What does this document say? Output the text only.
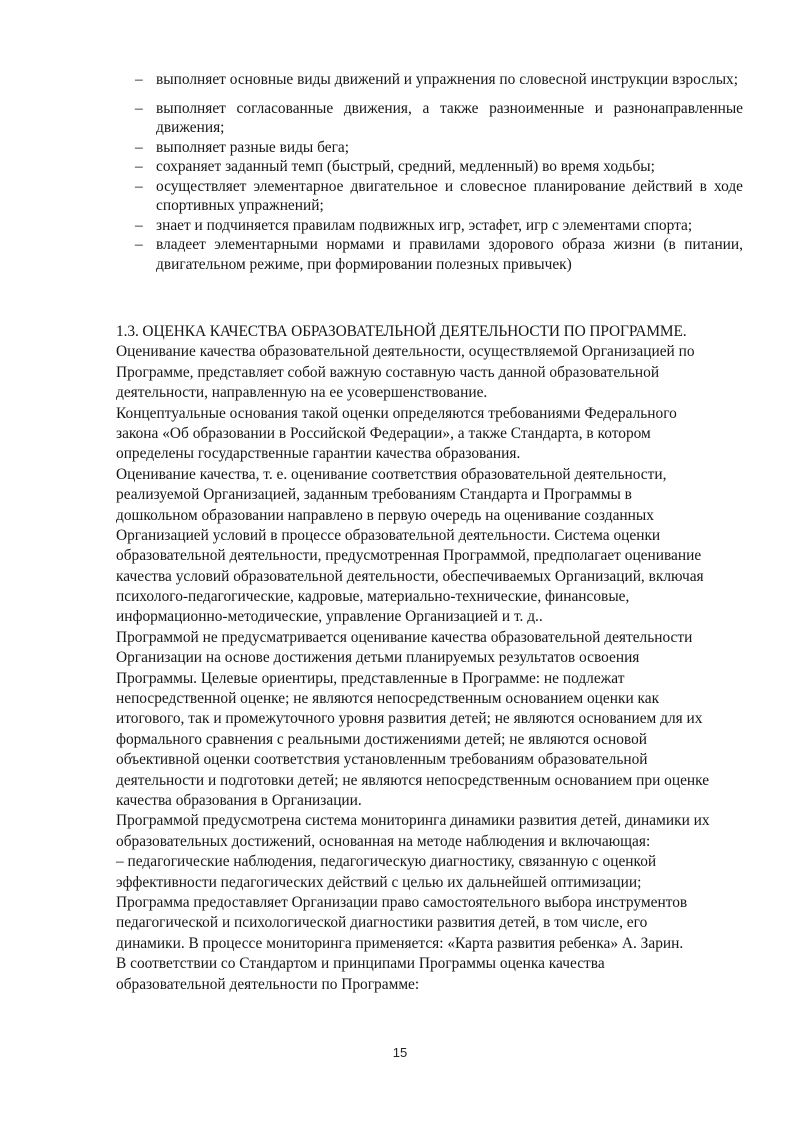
– выполняет основные виды движений и упражнения по словесной инструкции взрослых;
– выполняет согласованные движения, а также разноименные и разнонаправленные движения;
– выполняет разные виды бега;
– сохраняет заданный темп (быстрый, средний, медленный) во время ходьбы;
– осуществляет элементарное двигательное и словесное планирование действий в ходе спортивных упражнений;
– знает и подчиняется правилам подвижных игр, эстафет, игр с элементами спорта;
– владеет элементарными нормами и правилами здорового образа жизни (в питании, двигательном режиме, при формировании полезных привычек)
1.3. ОЦЕНКА КАЧЕСТВА ОБРАЗОВАТЕЛЬНОЙ ДЕЯТЕЛЬНОСТИ ПО ПРОГРАММЕ.
Оценивание качества образовательной деятельности, осуществляемой Организацией по
Программе, представляет собой важную составную часть данной образовательной
деятельности, направленную на ее усовершенствование.
Концептуальные основания такой оценки определяются требованиями Федерального
закона «Об образовании в Российской Федерации», а также Стандарта, в котором
определены государственные гарантии качества образования.
Оценивание качества, т. е. оценивание соответствия образовательной деятельности,
реализуемой Организацией, заданным требованиям Стандарта и Программы в
дошкольном образовании направлено в первую очередь на оценивание созданных
Организацией условий в процессе образовательной деятельности. Система оценки
образовательной деятельности, предусмотренная Программой, предполагает оценивание
качества условий образовательной деятельности, обеспечиваемых Организаций, включая
психолого-педагогические, кадровые, материально-технические, финансовые,
информационно-методические, управление Организацией и т. д..
Программой не предусматривается оценивание качества образовательной деятельности
Организации на основе достижения детьми планируемых результатов освоения
Программы. Целевые ориентиры, представленные в Программе: не подлежат
непосредственной оценке; не являются непосредственным основанием оценки как
итогового, так и промежуточного уровня развития детей; не являются основанием для их
формального сравнения с реальными достижениями детей; не являются основой
объективной оценки соответствия установленным требованиям образовательной
деятельности и подготовки детей; не являются непосредственным основанием при оценке
качества образования в Организации.
Программой предусмотрена система мониторинга динамики развития детей, динамики их
образовательных достижений, основанная на методе наблюдения и включающая:
– педагогические наблюдения, педагогическую диагностику, связанную с оценкой
эффективности педагогических действий с целью их дальнейшей оптимизации;
Программа предоставляет Организации право самостоятельного выбора инструментов
педагогической и психологической диагностики развития детей, в том числе, его
динамики. В процессе мониторинга применяется: «Карта развития ребенка» А. Зарин.
В соответствии со Стандартом и принципами Программы оценка качества
образовательной деятельности по Программе:
15
